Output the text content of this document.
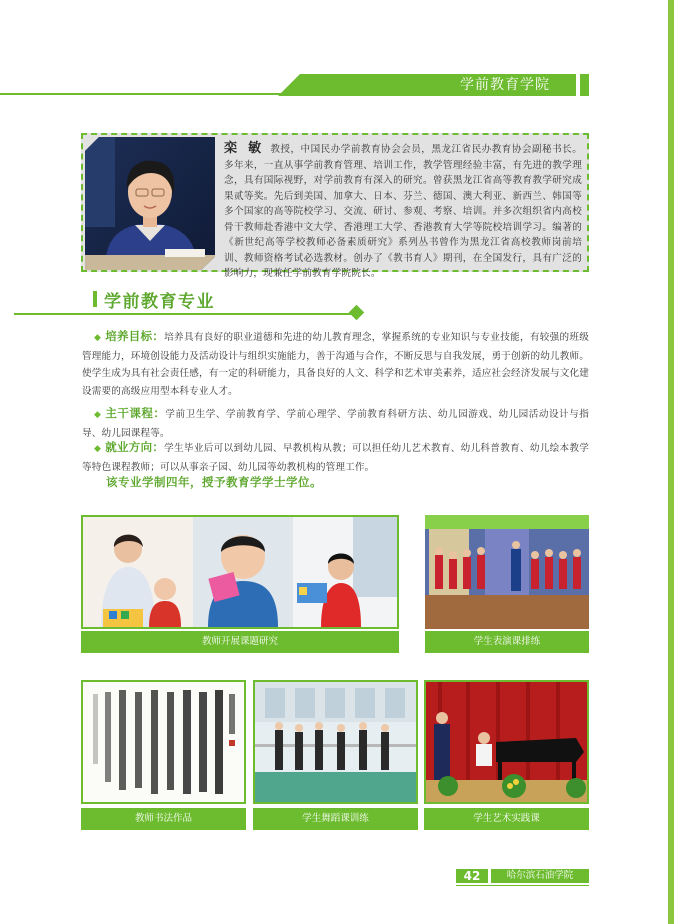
学前教育学院
栾 敏 教授，中国民办学前教育协会会员，黑龙江省民办教育协会副秘书长。多年来，一直从事学前教育管理、培训工作，教学管理经验丰富，有先进的教学理念，具有国际视野，对学前教育有深入的研究。曾获黑龙江省高等教育教学研究成果贰等奖。先后到美国、加拿大、日本、芬兰、德国、澳大利亚、新西兰、韩国等多个国家的高等院校学习、交流、研讨、参观、考察、培训。并多次组织省内高校骨干教师赴香港中文大学、香港理工大学、香港教育大学等院校培训学习。编著的《新世纪高等学校教师必备素质研究》系列丛书曾作为黑龙江省高校教师岗前培训、教师资格考试必选教材。创办了《教书育人》期刊，在全国发行，具有广泛的影响力，现兼任学前教育学院院长。
学前教育专业
◆ 培养目标：培养具有良好的职业道德和先进的幼儿教育理念，掌握系统的专业知识与专业技能，有较强的班级管理能力，环境创设能力及活动设计与组织实施能力，善于沟通与合作，不断反思与自我发展，勇于创新的幼儿教师。使学生成为具有社会责任感，有一定的科研能力，具备良好的人文、科学和艺术审美素养，适应社会经济发展与文化建设需要的高级应用型本科专业人才。
◆ 主干课程：学前卫生学、学前教育学、学前心理学、学前教育科研方法、幼儿园游戏、幼儿园活动设计与指导、幼儿园课程等。
◆ 就业方向：学生毕业后可以到幼儿园、早教机构从教；可以担任幼儿艺术教育、幼儿科普教育、幼儿绘本教学等特色课程教师；可以从事亲子园、幼儿园等幼教机构的管理工作。
该专业学制四年，授予教育学学士学位。
教师开展课题研究	学生表演课排练
教师书法作品	学生舞蹈课训练	学生艺术实践课
42	哈尔滨石油学院
